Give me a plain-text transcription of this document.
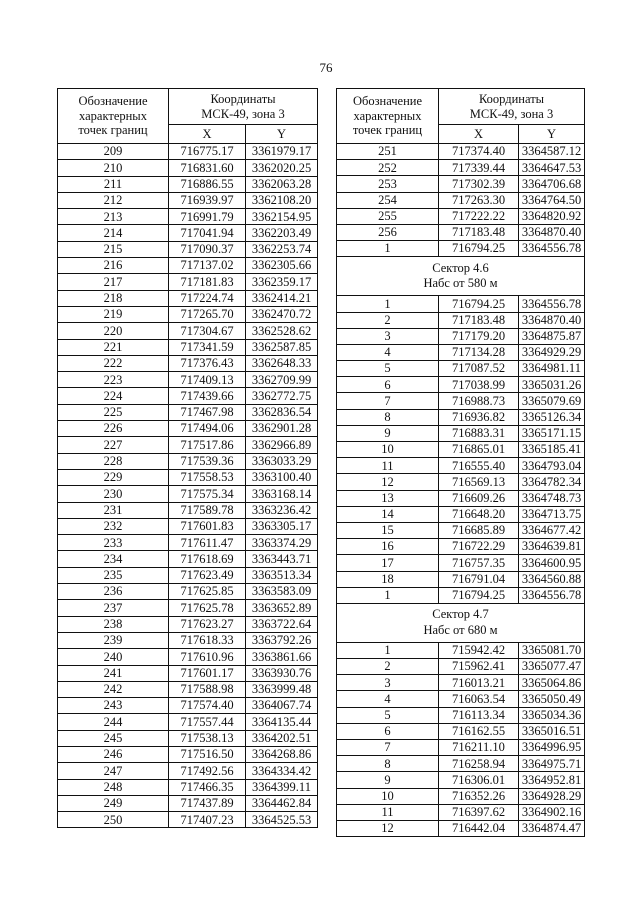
76
Обозначение
характерных
точек границ	Координаты
МСК-49, зона 3	

	X	Y
209	716775.17	3361979.17
210	716831.60	3362020.25
211	716886.55	3362063.28
212	716939.97	3362108.20
213	716991.79	3362154.95
214	717041.94	3362203.49
215	717090.37	3362253.74
216	717137.02	3362305.66
217	717181.83	3362359.17
218	717224.74	3362414.21
219	717265.70	3362470.72
220	717304.67	3362528.62
221	717341.59	3362587.85
222	717376.43	3362648.33
223	717409.13	3362709.99
224	717439.66	3362772.75
225	717467.98	3362836.54
226	717494.06	3362901.28
227	717517.86	3362966.89
228	717539.36	3363033.29
229	717558.53	3363100.40
230	717575.34	3363168.14
231	717589.78	3363236.42
232	717601.83	3363305.17
233	717611.47	3363374.29
234	717618.69	3363443.71
235	717623.49	3363513.34
236	717625.85	3363583.09
237	717625.78	3363652.89
238	717623.27	3363722.64
239	717618.33	3363792.26
240	717610.96	3363861.66
241	717601.17	3363930.76
242	717588.98	3363999.48
243	717574.40	3364067.74
244	717557.44	3364135.44
245	717538.13	3364202.51
246	717516.50	3364268.86
247	717492.56	3364334.42
248	717466.35	3364399.11
249	717437.89	3364462.84
250	717407.23	3364525.53
Обозначение
характерных
точек границ	Координаты
МСК-49, зона 3	

	X	Y
251	717374.40	3364587.12
252	717339.44	3364647.53
253	717302.39	3364706.68
254	717263.30	3364764.50
255	717222.22	3364820.92
256	717183.48	3364870.40
1	716794.25	3364556.78

Сектор 4.6
Набс от 580 м		

1	716794.25	3364556.78
2	717183.48	3364870.40
3	717179.20	3364875.87
4	717134.28	3364929.29
5	717087.52	3364981.11
6	717038.99	3365031.26
7	716988.73	3365079.69
8	716936.82	3365126.34
9	716883.31	3365171.15
10	716865.01	3365185.41
11	716555.40	3364793.04
12	716569.13	3364782.34
13	716609.26	3364748.73
14	716648.20	3364713.75
15	716685.89	3364677.42
16	716722.29	3364639.81
17	716757.35	3364600.95
18	716791.04	3364560.88
1	716794.25	3364556.78

Сектор 4.7
Набс от 680 м		

1	715942.42	3365081.70
2	715962.41	3365077.47
3	716013.21	3365064.86
4	716063.54	3365050.49
5	716113.34	3365034.36
6	716162.55	3365016.51
7	716211.10	3364996.95
8	716258.94	3364975.71
9	716306.01	3364952.81
10	716352.26	3364928.29
11	716397.62	3364902.16
12	716442.04	3364874.47
